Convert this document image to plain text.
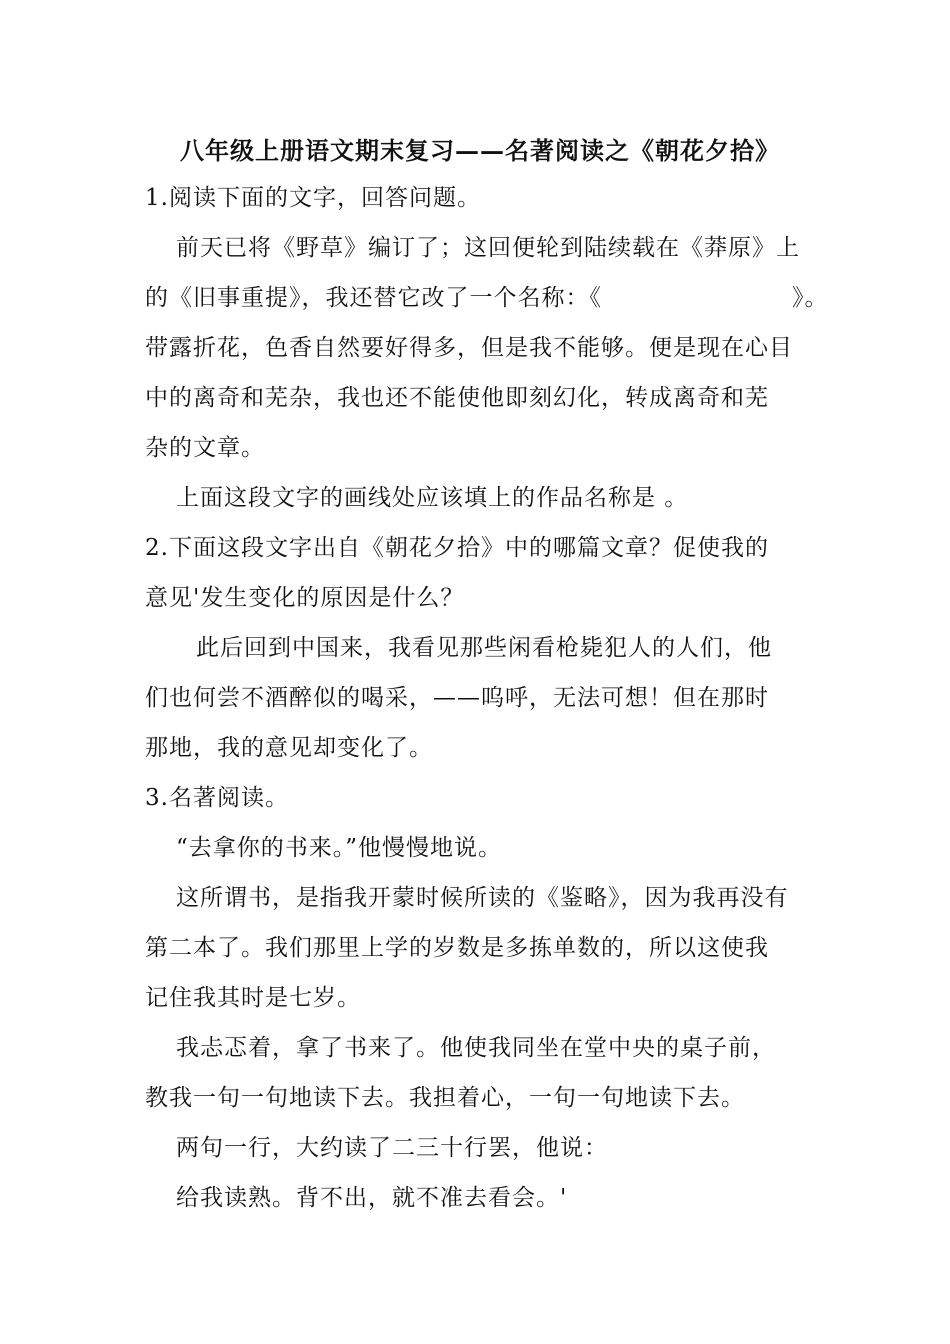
八年级上册语文期末复习——名著阅读之《朝花夕拾》
1.阅读下面的文字，回答问题。
前天已将《野草》编订了；这回便轮到陆续载在《莽原》上
的《旧事重提》，我还替它改了一个名称：《	》。
带露折花，色香自然要好得多，但是我不能够。便是现在心目
中的离奇和芜杂，我也还不能使他即刻幻化，转成离奇和芜
杂的文章。
上面这段文字的画线处应该填上的作品名称是 。
2.下面这段文字出自《朝花夕拾》中的哪篇文章？促使我的
意见'发生变化的原因是什么？
此后回到中国来，我看见那些闲看枪毙犯人的人们，他
们也何尝不酒醉似的喝采，——呜呼，无法可想！但在那时
那地，我的意见却变化了。
3.名著阅读。
“去拿你的书来。”他慢慢地说。
这所谓书，是指我开蒙时候所读的《鉴略》，因为我再没有
第二本了。我们那里上学的岁数是多拣单数的，所以这使我
记住我其时是七岁。
我忐忑着，拿了书来了。他使我同坐在堂中央的桌子前，
教我一句一句地读下去。我担着心，一句一句地读下去。
两句一行，大约读了二三十行罢，他说：
给我读熟。背不出，就不准去看会。'
